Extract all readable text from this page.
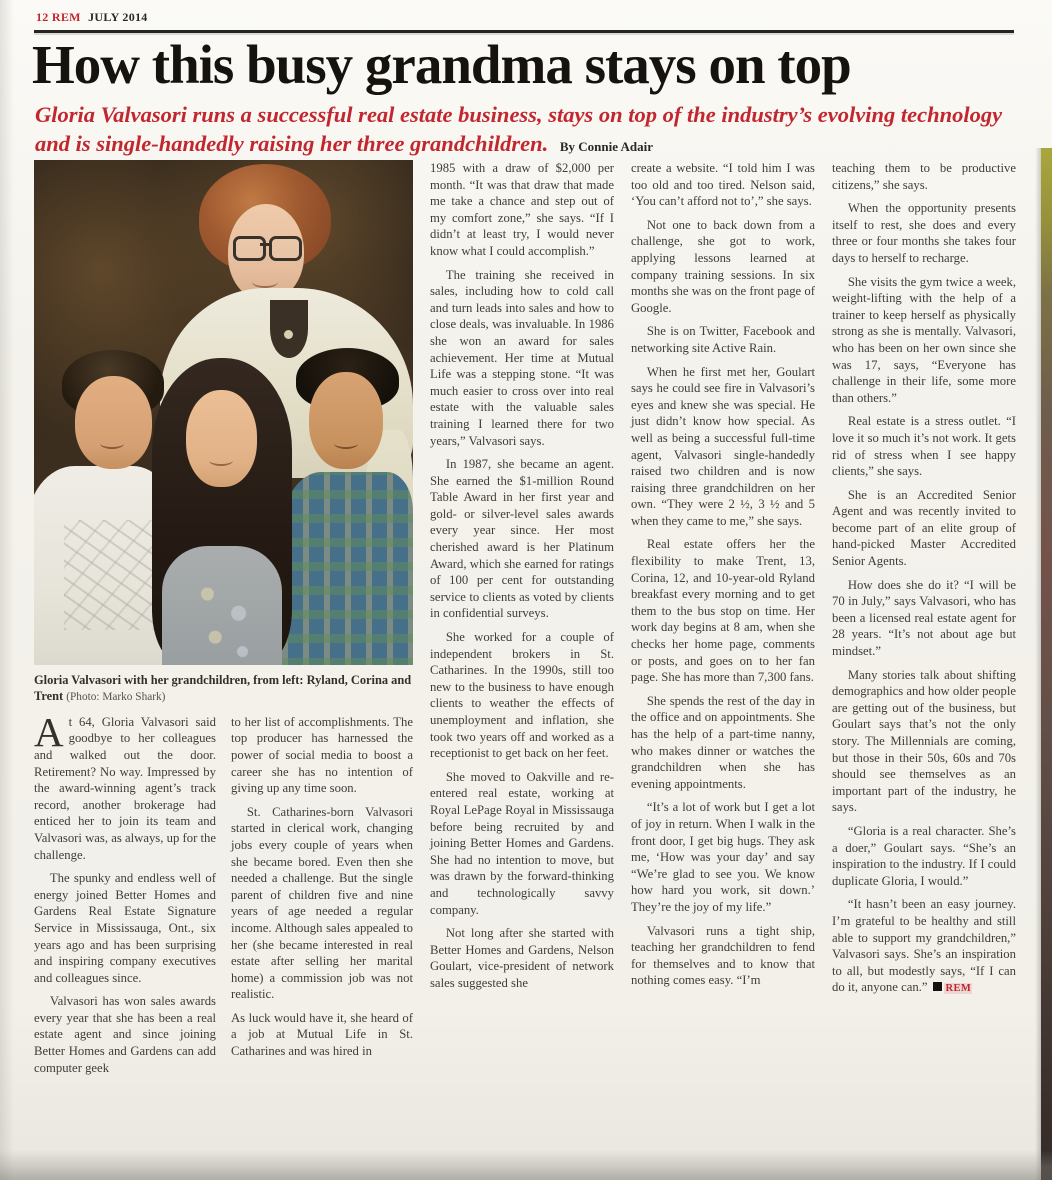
12 REM JULY 2014
How this busy grandma stays on top

Gloria Valvasori runs a successful real estate business, stays on top of the industry’s evolving technology and is single-handedly raising her three grandchildren. By Connie Adair

Gloria Valvasori with her grandchildren, from left: Ryland, Corina and Trent (Photo: Marko Shark)

At 64, Gloria Valvasori said goodbye to her colleagues and walked out the door. Retirement? No way. Impressed by the award-winning agent’s track record, another brokerage had enticed her to join its team and Valvasori was, as always, up for the challenge.

The spunky and endless well of energy joined Better Homes and Gardens Real Estate Signature Service in Mississauga, Ont., six years ago and has been surprising and inspiring company executives and colleagues since.

Valvasori has won sales awards every year that she has been a real estate agent and since joining Better Homes and Gardens can add computer geek

to her list of accomplishments. The top producer has harnessed the power of social media to boost a career she has no intention of giving up any time soon.

St. Catharines-born Valvasori started in clerical work, changing jobs every couple of years when she became bored. Even then she needed a challenge. But the single parent of children five and nine years of age needed a regular income. Although sales appealed to her (she became interested in real estate after selling her marital home) a commission job was not realistic.

As luck would have it, she heard of a job at Mutual Life in St. Catharines and was hired in

1985 with a draw of $2,000 per month. “It was that draw that made me take a chance and step out of my comfort zone,” she says. “If I didn’t at least try, I would never know what I could accomplish.”

The training she received in sales, including how to cold call and turn leads into sales and how to close deals, was invaluable. In 1986 she won an award for sales achievement. Her time at Mutual Life was a stepping stone. “It was much easier to cross over into real estate with the valuable sales training I learned there for two years,” Valvasori says.

In 1987, she became an agent. She earned the $1-million Round Table Award in her first year and gold- or silver-level sales awards every year since. Her most cherished award is her Platinum Award, which she earned for ratings of 100 per cent for outstanding service to clients as voted by clients in confidential surveys.

She worked for a couple of independent brokers in St. Catharines. In the 1990s, still too new to the business to have enough clients to weather the effects of unemployment and inflation, she took two years off and worked as a receptionist to get back on her feet.

She moved to Oakville and re-entered real estate, working at Royal LePage Royal in Mississauga before being recruited by and joining Better Homes and Gardens. She had no intention to move, but was drawn by the forward-thinking and technologically savvy company.

Not long after she started with Better Homes and Gardens, Nelson Goulart, vice-president of network sales suggested she

create a website. “I told him I was too old and too tired. Nelson said, ‘You can’t afford not to’,” she says.

Not one to back down from a challenge, she got to work, applying lessons learned at company training sessions. In six months she was on the front page of Google.

She is on Twitter, Facebook and networking site Active Rain.

When he first met her, Goulart says he could see fire in Valvasori’s eyes and knew she was special. He just didn’t know how special. As well as being a successful full-time agent, Valvasori single-handedly raised two children and is now raising three grandchildren on her own. “They were 2 ½, 3 ½ and 5 when they came to me,” she says.

Real estate offers her the flexibility to make Trent, 13, Corina, 12, and 10-year-old Ryland breakfast every morning and to get them to the bus stop on time. Her work day begins at 8 am, when she checks her home page, comments or posts, and goes on to her fan page. She has more than 7,300 fans.

She spends the rest of the day in the office and on appointments. She has the help of a part-time nanny, who makes dinner or watches the grandchildren when she has evening appointments.

“It’s a lot of work but I get a lot of joy in return. When I walk in the front door, I get big hugs. They ask me, ‘How was your day’ and say “We’re glad to see you. We know how hard you work, sit down.’ They’re the joy of my life.”

Valvasori runs a tight ship, teaching her grandchildren to fend for themselves and to know that nothing comes easy. “I’m

teaching them to be productive citizens,” she says.

When the opportunity presents itself to rest, she does and every three or four months she takes four days to herself to recharge.

She visits the gym twice a week, weight-lifting with the help of a trainer to keep herself as physically strong as she is mentally. Valvasori, who has been on her own since she was 17, says, “Everyone has challenge in their life, some more than others.”

Real estate is a stress outlet. “I love it so much it’s not work. It gets rid of stress when I see happy clients,” she says.

She is an Accredited Senior Agent and was recently invited to become part of an elite group of hand-picked Master Accredited Senior Agents.

How does she do it? “I will be 70 in July,” says Valvasori, who has been a licensed real estate agent for 28 years. “It’s not about age but mindset.”

Many stories talk about shifting demographics and how older people are getting out of the business, but Goulart says that’s not the only story. The Millennials are coming, but those in their 50s, 60s and 70s should see themselves as an important part of the industry, he says.

“Gloria is a real character. She’s a doer,” Goulart says. “She’s an inspiration to the industry. If I could duplicate Gloria, I would.”

“It hasn’t been an easy journey. I’m grateful to be healthy and still able to support my grandchildren,” Valvasori says. She’s an inspiration to all, but modestly says, “If I can do it, anyone can.” REM
